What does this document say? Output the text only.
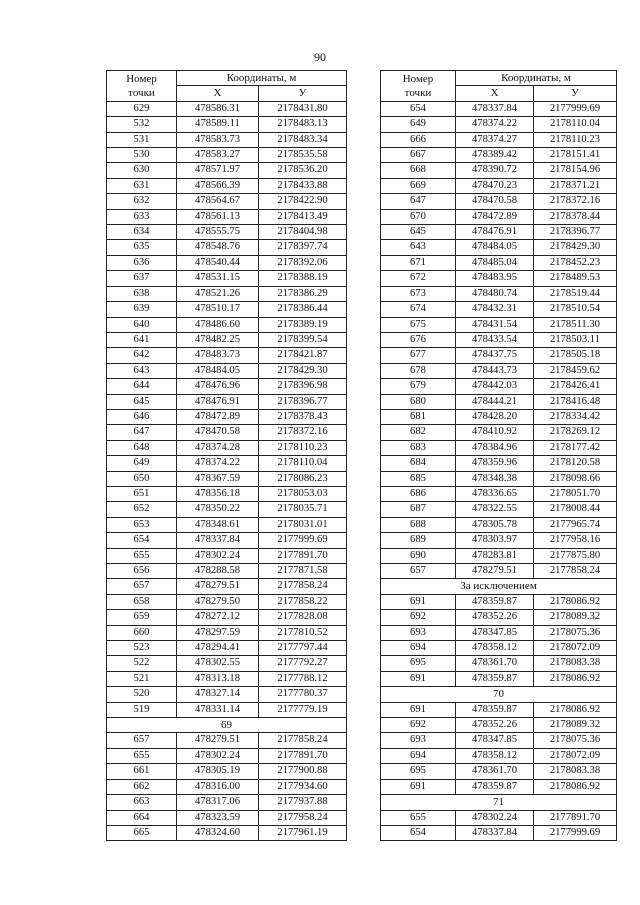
90
Номер
точки	Координаты, м	
	X	У
629	478586.31	2178431.80
532	478589.11	2178483.13
531	478583.73	2178483.34
530	478583.27	2178535.58
630	478571.97	2178536.20
631	478566.39	2178433.88
632	478564.67	2178422.90
633	478561.13	2178413.49
634	478555.75	2178404.98
635	478548.76	2178397.74
636	478540.44	2178392.06
637	478531.15	2178388.19
638	478521.26	2178386.29
639	478510.17	2178386.44
640	478486.60	2178389.19
641	478482.25	2178399.54
642	478483.73	2178421.87
643	478484.05	2178429.30
644	478476.96	2178396.98
645	478476.91	2178396.77
646	478472.89	2178378.43
647	478470.58	2178372.16
648	478374.28	2178110.23
649	478374.22	2178110.04
650	478367.59	2178086.23
651	478356.18	2178053.03
652	478350.22	2178035.71
653	478348.61	2178031.01
654	478337.84	2177999.69
655	478302.24	2177891.70
656	478288.58	2177871.58
657	478279.51	2177858.24
658	478279.50	2177858.22
659	478272.12	2177828.08
660	478297.59	2177810.52
523	478294.41	2177797.44
522	478302.55	2177792.27
521	478313.18	2177788.12
520	478327.14	2177780.37
519	478331.14	2177779.19
69		
657	478279.51	2177858.24
655	478302.24	2177891.70
661	478305.19	2177900.88
662	478316.00	2177934.60
663	478317.06	2177937.88
664	478323.59	2177958.24
665	478324.60	2177961.19
Номер
точки	Координаты, м	
	X	У
654	478337.84	2177999.69
649	478374.22	2178110.04
666	478374.27	2178110.23
667	478389.42	2178151.41
668	478390.72	2178154.96
669	478470.23	2178371.21
647	478470.58	2178372.16
670	478472.89	2178378.44
645	478476.91	2178396.77
643	478484.05	2178429.30
671	478485.04	2178452.23
672	478483.95	2178489.53
673	478480.74	2178519.44
674	478432.31	2178510.54
675	478431.54	2178511.30
676	478433.54	2178503.11
677	478437.75	2178505.18
678	478443.73	2178459.62
679	478442.03	2178426.41
680	478444.21	2178416.48
681	478428.20	2178334.42
682	478410.92	2178269.12
683	478384.96	2178177.42
684	478359.96	2178120.58
685	478348.38	2178098.66
686	478336.65	2178051.70
687	478322.55	2178008.44
688	478305.78	2177965.74
689	478303.97	2177958.16
690	478283.81	2177875.80
657	478279.51	2177858.24
За исключением		
691	478359.87	2178086.92
692	478352.26	2178089.32
693	478347.85	2178075.36
694	478358.12	2178072.09
695	478361.70	2178083.38
691	478359.87	2178086.92
70		
691	478359.87	2178086.92
692	478352.26	2178089.32
693	478347.85	2178075.36
694	478358.12	2178072.09
695	478361.70	2178083.38
691	478359.87	2178086.92
71		
655	478302.24	2177891.70
654	478337.84	2177999.69
